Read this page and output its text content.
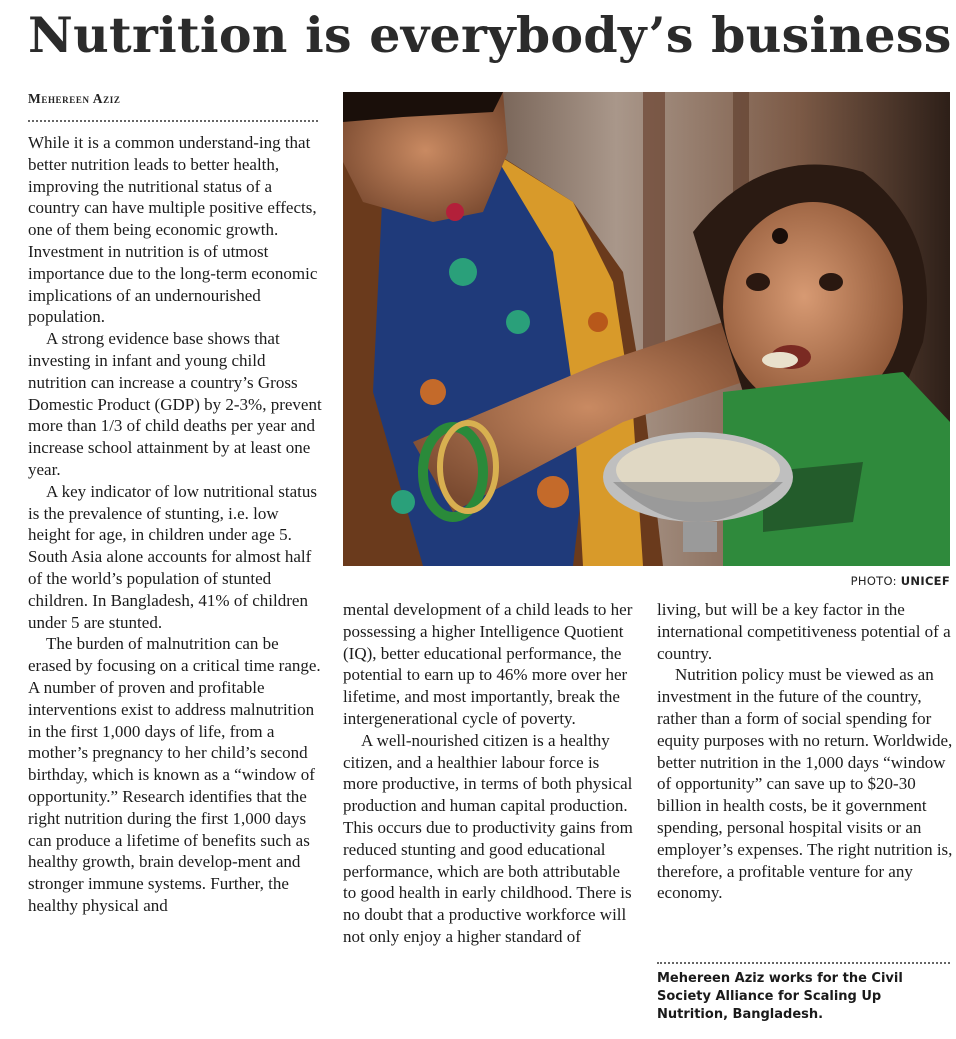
Nutrition is everybody’s business
Mehereen Aziz

While it is a common understand-ing that better nutrition leads to better health, improving the nutritional status of a country can have multiple positive effects, one of them being economic growth. Investment in nutrition is of utmost importance due to the long-term economic implications of an undernourished population.

A strong evidence base shows that investing in infant and young child nutrition can increase a country’s Gross Domestic Product (GDP) by 2-3%, prevent more than 1/3 of child deaths per year and increase school attainment by at least one year.

A key indicator of low nutritional status is the prevalence of stunting, i.e. low height for age, in children under age 5. South Asia alone accounts for almost half of the world’s population of stunted children. In Bangladesh, 41% of children under 5 are stunted.

The burden of malnutrition can be erased by focusing on a critical time range. A number of proven and profitable interventions exist to address malnutrition in the first 1,000 days of life, from a mother’s pregnancy to her child’s second birthday, which is known as a “window of opportunity.” Research identifies that the right nutrition during the first 1,000 days can produce a lifetime of benefits such as healthy growth, brain develop-ment and stronger immune systems. Further, the healthy physical and

PHOTO: UNICEF

mental development of a child leads to her possessing a higher Intelligence Quotient (IQ), better educational performance, the potential to earn up to 46% more over her lifetime, and most importantly, break the intergenerational cycle of poverty.

A well-nourished citizen is a healthy citizen, and a healthier labour force is more productive, in terms of both physical production and human capital production. This occurs due to productivity gains from reduced stunting and good educational performance, which are both attributable to good health in early childhood. There is no doubt that a productive workforce will not only enjoy a higher standard of

living, but will be a key factor in the international competitiveness potential of a country.

Nutrition policy must be viewed as an investment in the future of the country, rather than a form of social spending for equity purposes with no return. Worldwide, better nutrition in the 1,000 days “window of opportunity” can save up to $20-30 billion in health costs, be it government spending, personal hospital visits or an employer’s expenses. The right nutrition is, therefore, a profitable venture for any economy.

Mehereen Aziz works for the Civil Society Alliance for Scaling Up Nutrition, Bangladesh.
